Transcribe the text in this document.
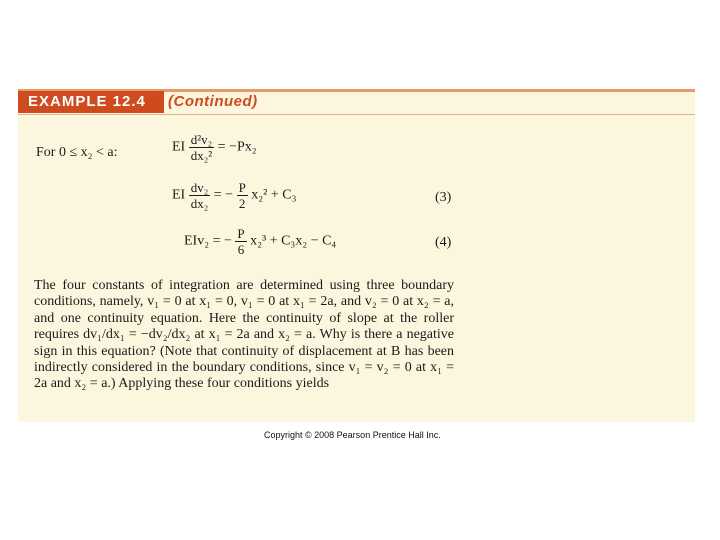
EXAMPLE 12.4	(Continued)
For 0 ≤ x₂ < a:	EI $\frac{\text{d²v₂}}{\text{dx₂²}} = -Px_2$
EI $\frac{\text{dv₂}}{\text{dx₂}}$ = − $\frac{P}{2} x_2^2 + C_3$	(3)
EIv₂ = − $\frac{P}{6} x_2^3 + C_3x_2 - C_4$	(4)
The four constants of integration are determined using three boundary conditions, namely, v₁ = 0 at x₁ = 0, v₁ = 0 at x₁ = 2a, and v₂ = 0 at x₂ = a, and one continuity equation. Here the continuity of slope at the roller requires dv₁/dx₁ = −dv₂/dx₂ at x₁ = 2a and x₂ = a. Why is there a negative sign in this equation? (Note that continuity of displacement at B has been indirectly considered in the boundary conditions, since v₁ = v₂ = 0 at x₁ = 2a and x₂ = a.) Applying these four conditions yields
Copyright © 2008 Pearson Prentice Hall Inc.
